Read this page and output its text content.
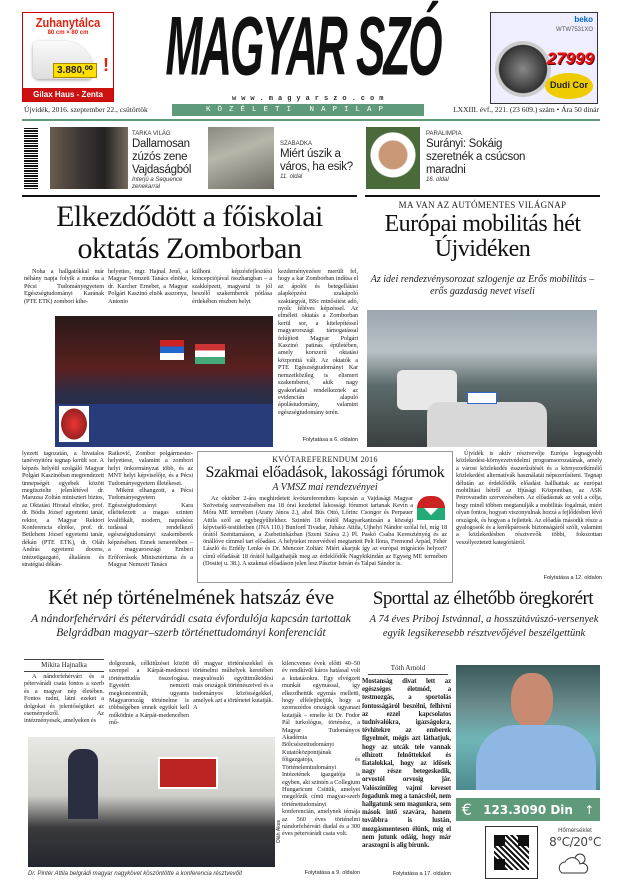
Zuhanytálca
80 cm × 80 cm
3.880,⁰⁰ !
Gilax Haus - Zenta
MAGYAR SZÓ
www.magyarszo.com
beko
WTW7531XO
27999
Dudi Cor
Újvidék, 2016. szeptember 22., csütörtök	KÖZÉLETI NAPILAP	LXXIII. évf., 221. (23 609.) szám • Ára 50 dinár
TARKA VILÁG
Dallamosan zúzós zene Vajdaságból
Interjú a Sequence zenekarral
SZABADKA
Miért úszik a város, ha esik?
11. oldal
PARALIMPIA
Surányi: Sokáig szeretnék a csúcson maradni
16. oldal
Elkezdődött a főiskolai oktatás Zomborban

Noha a hallgatókkal már néhány napja folyik a munka a Pécsi Tudományegyetem Egészségtudományi Karának (PTE ETK) zombori kihe-

helyettes, mgr. Hajnal Jenő, a Magyar Nemzeti Tanács elnöke, dr. Karcher Ernebet, a Magyar Polgári Kaszinó elnök asszonya, Antonio

külhoni képzésfejlesztési koncepciójával összhangban – a szakképzett, magyarul is jól beszélő szakemberek pótlása érdekében részben helyt

kezdeményezésre merült fel, hogy a kar Zomborban indítsa el az ápolói és betegellátási alapképzést szakápoló szaktárgyát, BSc mtnősítést adó, nyolc féléves képzéssel. Az elméleti oktatás a Zomborban kerül sor, a kitelepítéssel magyarországi támogatással felújított Magyar Polgári Kaszinó patinás épületében, amely korszerű oktatási központtá vált. Az oktatók a PTE Egészségtudományi Kar nemzetközileg is elismert szakemberei, akik nagy gyakorlattal rendelkeznek az evidencián alapuló ápolástudomány, valamint egészségtudomány terén.

Folytatása a 6. oldalon

lyezett tagozatán, a hivatalos tanévnyitóra tegnap került sor. A képzés helyéül szolgáló Magyar Polgári Kaszinóban megrendezett ünnepségét egyebek között megtisztelte jelenlétével dr. Maruzsa Zoltán miniszteri biztos, az Oktatási Hivatal elnöke, prof. dr. Bódis József egyetemi tanár, rektor, a Magyar Rektori Konferencia elnöke, prof. dr. Betlehem József egyetemi tanár, dékán (PTE ETK), dr. Oláh András egyetemi docens, intézetigazgató, általános és stratégiai dékán-

Ratković, Zombor polgármester-helyettese, valamint a zombori helyi önkormányzat több, és az MNT helyi képviselője, és a Pécsi Tudományegyetem illetékesei.

Miként elhangzott, a Pécsi Tudományegyetem Egészségtudományi Kara elkötelezett a magas szinten kvalifikált, modern, naprakész tudással rendelkező egészségtudományi szakemberek képzésében. Ennek ismeretében – a magyarországi Emberi Erőforrások Minisztériuma és a Magyar Nemzeti Tanács

MA VAN AZ AUTÓMENTES VILÁGNAP
Európai mobilitás hét Újvidéken
Az idei rendezvénysorozat szlogenje az Erős mobilitás – erős gazdaság nevet viseli

Újvidék is aktív résztvevője Európa legnagyobb közlekedési-környezetvédelmi programsorozatának, amely a városi közlekedés ésszerűsítését és a környezetkímélő közlekedési alternatívák használatát népszerűsíteni. Tegnap délután az érdeklődők előadást hallhattak az európai mobilitási hétről az Ifjúsági Központban, az ASK Petrovaradin szervezésében. Az előadásnak az volt a célja, hogy minél többen megtanulják a mobilitás fogalmát, miért olyan fontos, hogyan viszonyulnak hozzá a fejlődésben lévő országok, és hogyan a fejlettek. Az előadás második része a gyalogosok és a kerékpárosok biztonságáról szólt, valamint a közlekedésben résztvevők többi, fokozottan veszélyeztetett kategóriáiról.

Folytatása a 12. oldalon
KVÓTAREFERENDUM 2016
Szakmai előadások, lakossági fórumok
A VMSZ mai rendezvényei

Az október 2-ára meghirdetett kvótareferendum kapcsán a Vajdasági Magyar Szövetség szervezésében ma 18 órai kezdettel lakossági fórumot tartanak Kevín a Móra ME termében (Arany János 2.), ahol Bús Ottó, Lőrinc Csongor és Perpauer Attila szól az egybegyűltekhez. Szintén 18 órától Magyarkanizsán a községi képviselő-testületben (JNA 110.) Bunford Tivadar, Juhász Attila, Újhelyi Nándor szólal fel, míg 18 órától Szenttamáson, a Zsebetinházban (Szent Száva 2.) Pl. Paskó Csaba Keresztényég és az önállóve címmel tart előadást. A helyteket rezervédvel megtartott Pelt Ilona, Fremond Árpád, Fehér László és Erdély Lenke és Dr. Menczer Zoltán: Miért akarjuk így az európai migrációs helyzet? című előadását 18 órától hallgathatják meg az érdeklődők Nagykikindán az Egység ME termében (Dositej u. 38.). A szakmai előadáson jelen lesz Pásztor István és Talpai Sándor is.

Két nép történelmének hatszáz éve
A nándorfehérvári és pétervárádi csata évfordulója kapcsán tartottak Belgrádban magyar–szerb történettudományi konferenciát
Mikita Hajnalka

A nándorfehérvári és a pétervárádi csata fontos a szerb és a magyar nép életében. Fontos tudni, látni ezeket a dolgokat és jelentőségüket az eseményekről. Az intézményesek, amelyeken és

dolgozunk, célkitűzései között szerepel a Kárpát-medencei történettudás összefogása. Egyetért nemzeti megkoncentrált, ugyanis Magyarország történelme is többségében ennek egyikét kell működnie a Kárpát-medencében mű-

dő magyar történészekkel és történelmi műhelyek keretében megvalósuló együttműködési más országok történészeivel és a tudományos közösségekkel, amelyek azt a történetet kutatják. A

kilencvenes évek előtti 40–50 év rendkívül káros hatással volt a kutatásokra. Egy elvégzett munkát egymással, így elkezdhettük egymás melletti, hogy elfelejthetjük, hogy a szomszédos országok ugyanazt kutatják – emelte ki Dr. Fodor Pál turkológus, történész, a Magyar Tudományos Akadémia Bölcsészettudományi Kutatóközpontjának főigazgatója, és Történelemtudományi Intézetének igazgatója is egyben, aki szintén a Collegium Hungaricum Csütük, amelyet megelőzik címü magyar-szerb történettudományi konferencián, amelynek témája az 560 éves történelmi nándorfehérvári diadal és a 300 éves pétervárádi csata volt.

Folytatása a 9. oldalon
Oláh Ákos
Dr. Pintér Attila belgrádi magyar nagykövet köszöntötte a konferencia résztvevőit
Sporttal az élhetőbb öregkorért
A 74 éves Priboj Istvánnal, a hosszútávúszó-versenyek egyik legsikeresebb résztvevőjével beszélgettünk
Tóth Arnold

Mostanság divat lett az egészséges életmód, a testmozgás, a sportolás fontosságáról beszélni, felhívni az ezzel kapcsolatos tudnivalókra, igazságokra, tévhitekre az emberek figyelmét, mégis azt láthatjuk, hogy az utcák tele vannak elhízott felnőttekkel és fiatalokkal, hogy az idősek nagy része betegeskedik, orvostól orvosig jár. Valószínűleg vajmi keveset fogadunk meg a tanácsból, nem hallgatunk sem magunkra, sem mások intő szavára, hanem továbbra is lustán, mozgásmentesen élünk, míg el nem jutunk odáig, hogy már araszogni is alig bírunk.

Folytatása a 17. oldalon
€ 123.3090 Din ↑
Hőmérséklet
8°C/20°C
